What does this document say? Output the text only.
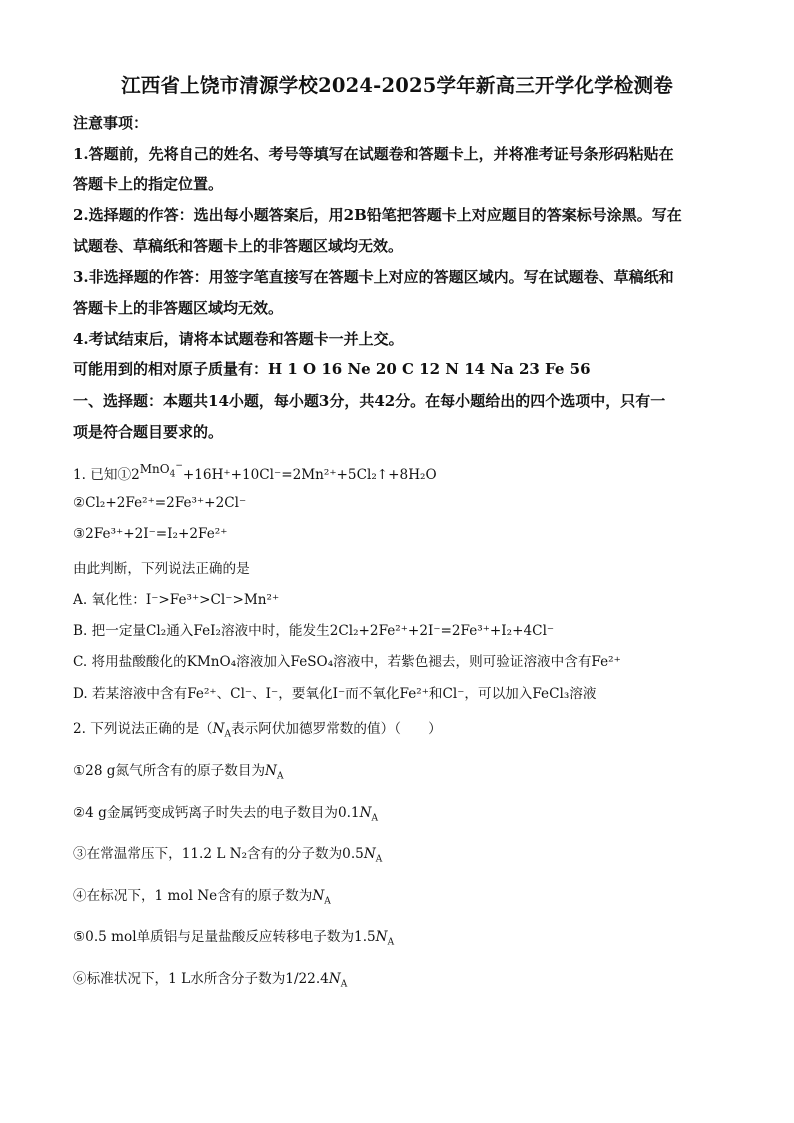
江西省上饶市清源学校2024-2025学年新高三开学化学检测卷
注意事项：
1.答题前，先将自己的姓名、考号等填写在试题卷和答题卡上，并将准考证号条形码粘贴在
答题卡上的指定位置。
2.选择题的作答：选出每小题答案后，用2B铅笔把答题卡上对应题目的答案标号涂黑。写在
试题卷、草稿纸和答题卡上的非答题区域均无效。
3.非选择题的作答：用签字笔直接写在答题卡上对应的答题区域内。写在试题卷、草稿纸和
答题卡上的非答题区域均无效。
4.考试结束后，请将本试题卷和答题卡一并上交。
可能用到的相对原子质量有：H 1 O 16 Ne 20 C 12 N 14 Na 23 Fe 56
一、选择题：本题共14小题，每小题3分，共42分。在每小题给出的四个选项中，只有一
项是符合题目要求的。
1. 已知①2MnO$_4$−+16H⁺+10Cl⁻=2Mn²⁺+5Cl₂↑+8H₂O
②Cl₂+2Fe²⁺=2Fe³⁺+2Cl⁻
③2Fe³⁺+2I⁻=I₂+2Fe²⁺
由此判断，下列说法正确的是
A. 氧化性：I⁻>Fe³⁺>Cl⁻>Mn²⁺
B. 把一定量Cl₂通入FeI₂溶液中时，能发生2Cl₂+2Fe²⁺+2I⁻=2Fe³⁺+I₂+4Cl⁻
C. 将用盐酸酸化的KMnO₄溶液加入FeSO₄溶液中，若紫色褪去，则可验证溶液中含有Fe²⁺
D. 若某溶液中含有Fe²⁺、Cl⁻、I⁻，要氧化I⁻而不氧化Fe²⁺和Cl⁻，可以加入FeCl₃溶液
2. 下列说法正确的是（$N_A$表示阿伏加德罗常数的值）（　　）
①28 g氮气所含有的原子数目为$N_A$
②4 g金属钙变成钙离子时失去的电子数目为$0.1N_A$
③在常温常压下，11.2 L N₂含有的分子数为$0.5N_A$
④在标况下，1 mol Ne含有的原子数为$N_A$
⑤0.5 mol单质铝与足量盐酸反应转移电子数为$1.5N_A$
⑥标准状况下，1 L水所含分子数为$1/22.4N_A$
